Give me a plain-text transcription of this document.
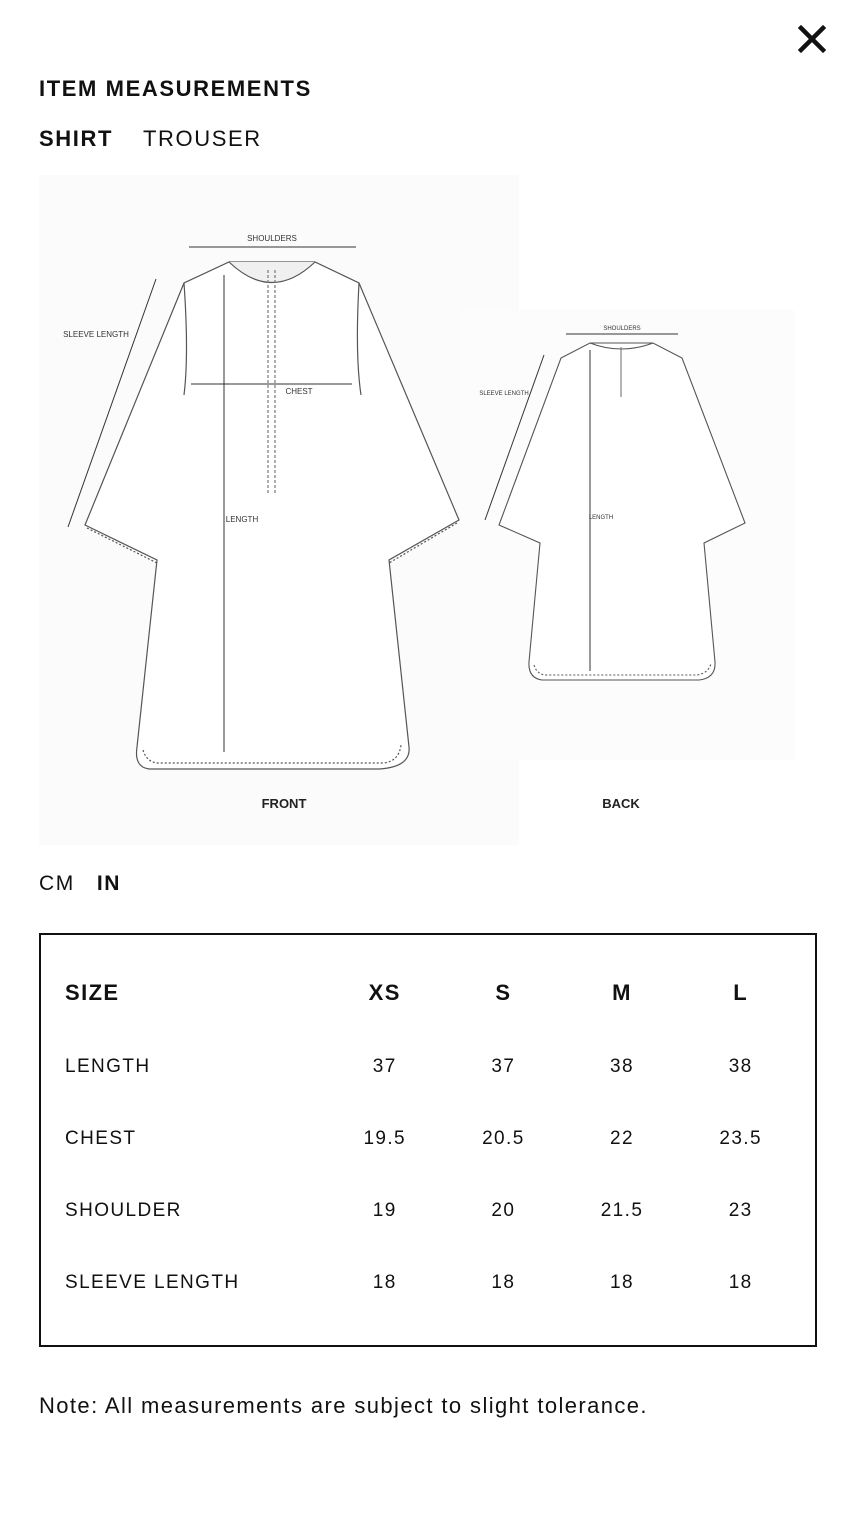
ITEM MEASUREMENTS
SHIRT TROUSER
SHOULDERS
CHEST
LENGTH
SLEEVE LENGTH
FRONT
SHOULDERS
LENGTH
SLEEVE LENGTH
BACK
CM IN
SIZE	XS	S	M	L
LENGTH	37	37	38	38
CHEST	19.5	20.5	22	23.5
SHOULDER	19	20	21.5	23
SLEEVE LENGTH	18	18	18	18
Note: All measurements are subject to slight tolerance.
